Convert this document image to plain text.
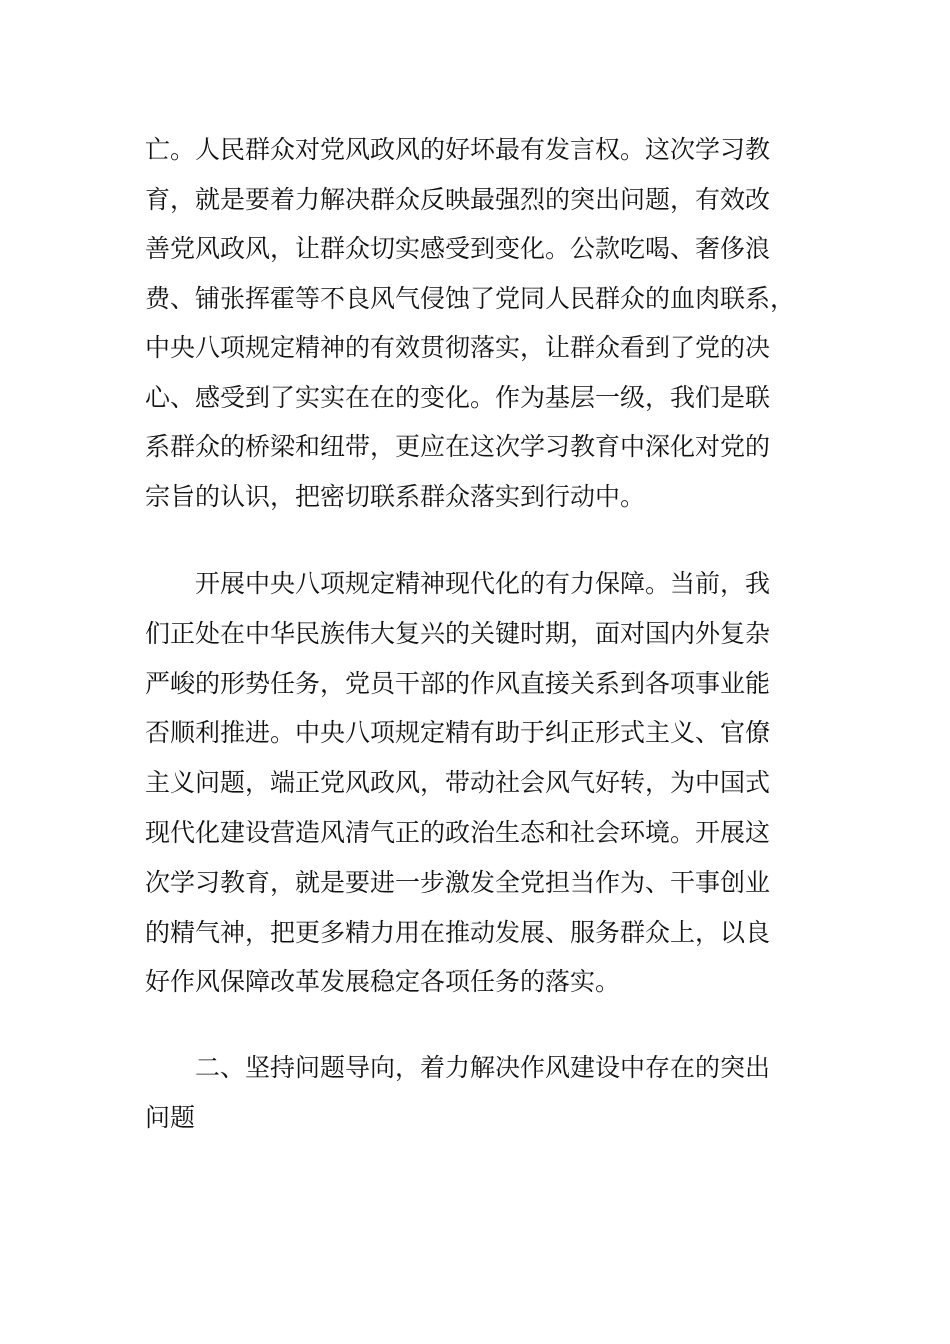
亡。人民群众对党风政风的好坏最有发言权。这次学习教
育，就是要着力解决群众反映最强烈的突出问题，有效改
善党风政风，让群众切实感受到变化。公款吃喝、奢侈浪
费、铺张挥霍等不良风气侵蚀了党同人民群众的血肉联系，
中央八项规定精神的有效贯彻落实，让群众看到了党的决
心、感受到了实实在在的变化。作为基层一级，我们是联
系群众的桥梁和纽带，更应在这次学习教育中深化对党的
宗旨的认识，把密切联系群众落实到行动中。
开展中央八项规定精神现代化的有力保障。当前，我
们正处在中华民族伟大复兴的关键时期，面对国内外复杂
严峻的形势任务，党员干部的作风直接关系到各项事业能
否顺利推进。中央八项规定精有助于纠正形式主义、官僚
主义问题，端正党风政风，带动社会风气好转，为中国式
现代化建设营造风清气正的政治生态和社会环境。开展这
次学习教育，就是要进一步激发全党担当作为、干事创业
的精气神，把更多精力用在推动发展、服务群众上，以良
好作风保障改革发展稳定各项任务的落实。
二、坚持问题导向，着力解决作风建设中存在的突出
问题
